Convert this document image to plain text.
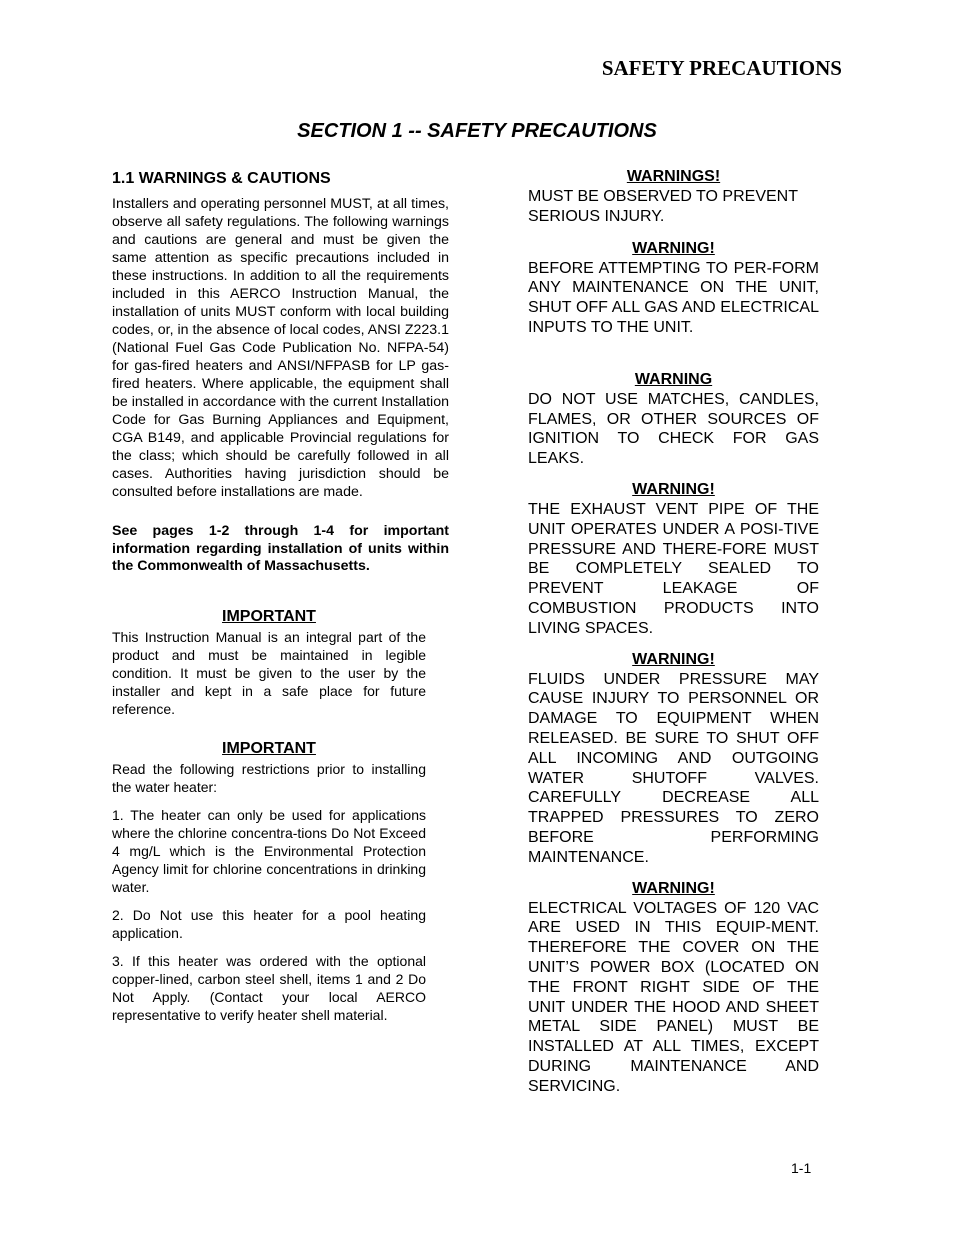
SAFETY PRECAUTIONS
SECTION 1 -- SAFETY PRECAUTIONS
1.1 WARNINGS & CAUTIONS

Installers and operating personnel MUST, at all times, observe all safety regulations. The following warnings and cautions are general and must be given the same attention as specific precautions included in these instructions. In addition to all the requirements included in this AERCO Instruction Manual, the installation of units MUST conform with local building codes, or, in the absence of local codes, ANSI Z223.1 (National Fuel Gas Code Publication No. NFPA-54) for gas-fired heaters and ANSI/NFPASB for LP gas-fired heaters. Where applicable, the equipment shall be installed in accordance with the current Installation Code for Gas Burning Appliances and Equipment, CGA B149, and applicable Provincial regulations for the class; which should be carefully followed in all cases. Authorities having jurisdiction should be consulted before installations are made.

See pages 1-2 through 1-4 for important information regarding installation of units within the Commonwealth of Massachusetts.

IMPORTANT

This Instruction Manual is an integral part of the product and must be maintained in legible condition. It must be given to the user by the installer and kept in a safe place for future reference.

IMPORTANT

Read the following restrictions prior to installing the water heater:

1. The heater can only be used for applications where the chlorine concentra-tions Do Not Exceed 4 mg/L which is the Environmental Protection Agency limit for chlorine concentrations in drinking water.

2. Do Not use this heater for a pool heating application.

3. If this heater was ordered with the optional copper-lined, carbon steel shell, items 1 and 2 Do Not Apply. (Contact your local AERCO representative to verify heater shell material.

WARNINGS!

MUST BE OBSERVED TO PREVENT SERIOUS INJURY.

WARNING!

BEFORE ATTEMPTING TO PER-FORM ANY MAINTENANCE ON THE UNIT, SHUT OFF ALL GAS AND ELECTRICAL INPUTS TO THE UNIT.

WARNING

DO NOT USE MATCHES, CANDLES, FLAMES, OR OTHER SOURCES OF IGNITION TO CHECK FOR GAS LEAKS.

WARNING!

THE EXHAUST VENT PIPE OF THE UNIT OPERATES UNDER A POSI-TIVE PRESSURE AND THERE-FORE MUST BE COMPLETELY SEALED TO PREVENT LEAKAGE OF COMBUSTION PRODUCTS INTO LIVING SPACES.

WARNING!

FLUIDS UNDER PRESSURE MAY CAUSE INJURY TO PERSONNEL OR DAMAGE TO EQUIPMENT WHEN RELEASED. BE SURE TO SHUT OFF ALL INCOMING AND OUTGOING WATER SHUTOFF VALVES. CAREFULLY DECREASE ALL TRAPPED PRESSURES TO ZERO BEFORE PERFORMING MAINTENANCE.

WARNING!

ELECTRICAL VOLTAGES OF 120 VAC ARE USED IN THIS EQUIP-MENT. THEREFORE THE COVER ON THE UNIT’S POWER BOX (LOCATED ON THE FRONT RIGHT SIDE OF THE UNIT UNDER THE HOOD AND SHEET METAL SIDE PANEL) MUST BE INSTALLED AT ALL TIMES, EXCEPT DURING MAINTENANCE AND SERVICING.

1-1
